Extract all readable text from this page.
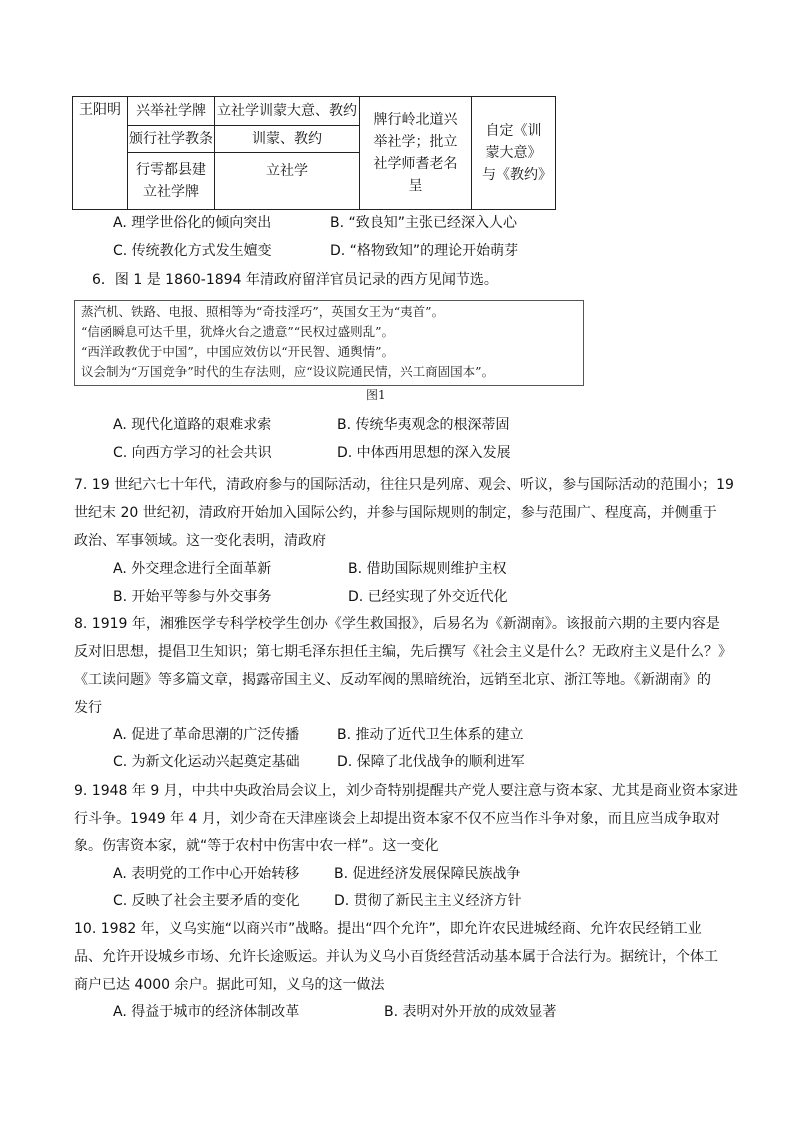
王阳明	兴举社学牌	立社学训蒙大意、教约	牌行岭北道兴举社学；批立社学师耆老名呈	自定《训蒙大意》与《教约》
	颁行社学教条	训蒙、教约		
	行雩都县建立社学牌	立社学		
A. 理学世俗化的倾向突出	B. “致良知”主张已经深入人心
C. 传统教化方式发生嬗变	D. “格物致知”的理论开始萌芽
6．图 1 是 1860-1894 年清政府留洋官员记录的西方见闻节选。
蒸汽机、铁路、电报、照相等为“奇技淫巧”，英国女王为“夷首”。
“信函瞬息可达千里，犹烽火台之遗意”“民权过盛则乱”。
“西洋政教优于中国”，中国应效仿以“开民智、通舆情”。
议会制为“万国竞争”时代的生存法则，应“设议院通民情，兴工商固国本”。
图1
A. 现代化道路的艰难求索	B. 传统华夷观念的根深蒂固
C. 向西方学习的社会共识	D. 中体西用思想的深入发展
7. 19 世纪六七十年代，清政府参与的国际活动，往往只是列席、观会、听议，参与国际活动的范围小；19
世纪末 20 世纪初，清政府开始加入国际公约，并参与国际规则的制定，参与范围广、程度高，并侧重于
政治、军事领域。这一变化表明，清政府
A. 外交理念进行全面革新	B. 借助国际规则维护主权
B. 开始平等参与外交事务	D. 已经实现了外交近代化
8. 1919 年，湘雅医学专科学校学生创办《学生救国报》，后易名为《新湖南》。该报前六期的主要内容是
反对旧思想，提倡卫生知识；第七期毛泽东担任主编，先后撰写《社会主义是什么？无政府主义是什么？》
《工读问题》等多篇文章，揭露帝国主义、反动军阀的黑暗统治，远销至北京、浙江等地。《新湖南》的
发行
A. 促进了革命思潮的广泛传播	B. 推动了近代卫生体系的建立
C. 为新文化运动兴起奠定基础	D. 保障了北伐战争的顺利进军
9. 1948 年 9 月，中共中央政治局会议上，刘少奇特别提醒共产党人要注意与资本家、尤其是商业资本家进
行斗争。1949 年 4 月，刘少奇在天津座谈会上却提出资本家不仅不应当作斗争对象，而且应当成争取对
象。伤害资本家，就“等于农村中伤害中农一样”。这一变化
A. 表明党的工作中心开始转移 B. 促进经济发展保障民族战争
C. 反映了社会主要矛盾的变化 D. 贯彻了新民主主义经济方针
10. 1982 年，义乌实施“以商兴市”战略。提出“四个允许”，即允许农民进城经商、允许农民经销工业
品、允许开设城乡市场、允许长途贩运。并认为义乌小百货经营活动基本属于合法行为。据统计，个体工
商户已达 4000 余户。据此可知，义乌的这一做法
A. 得益于城市的经济体制改革	B. 表明对外开放的成效显著
